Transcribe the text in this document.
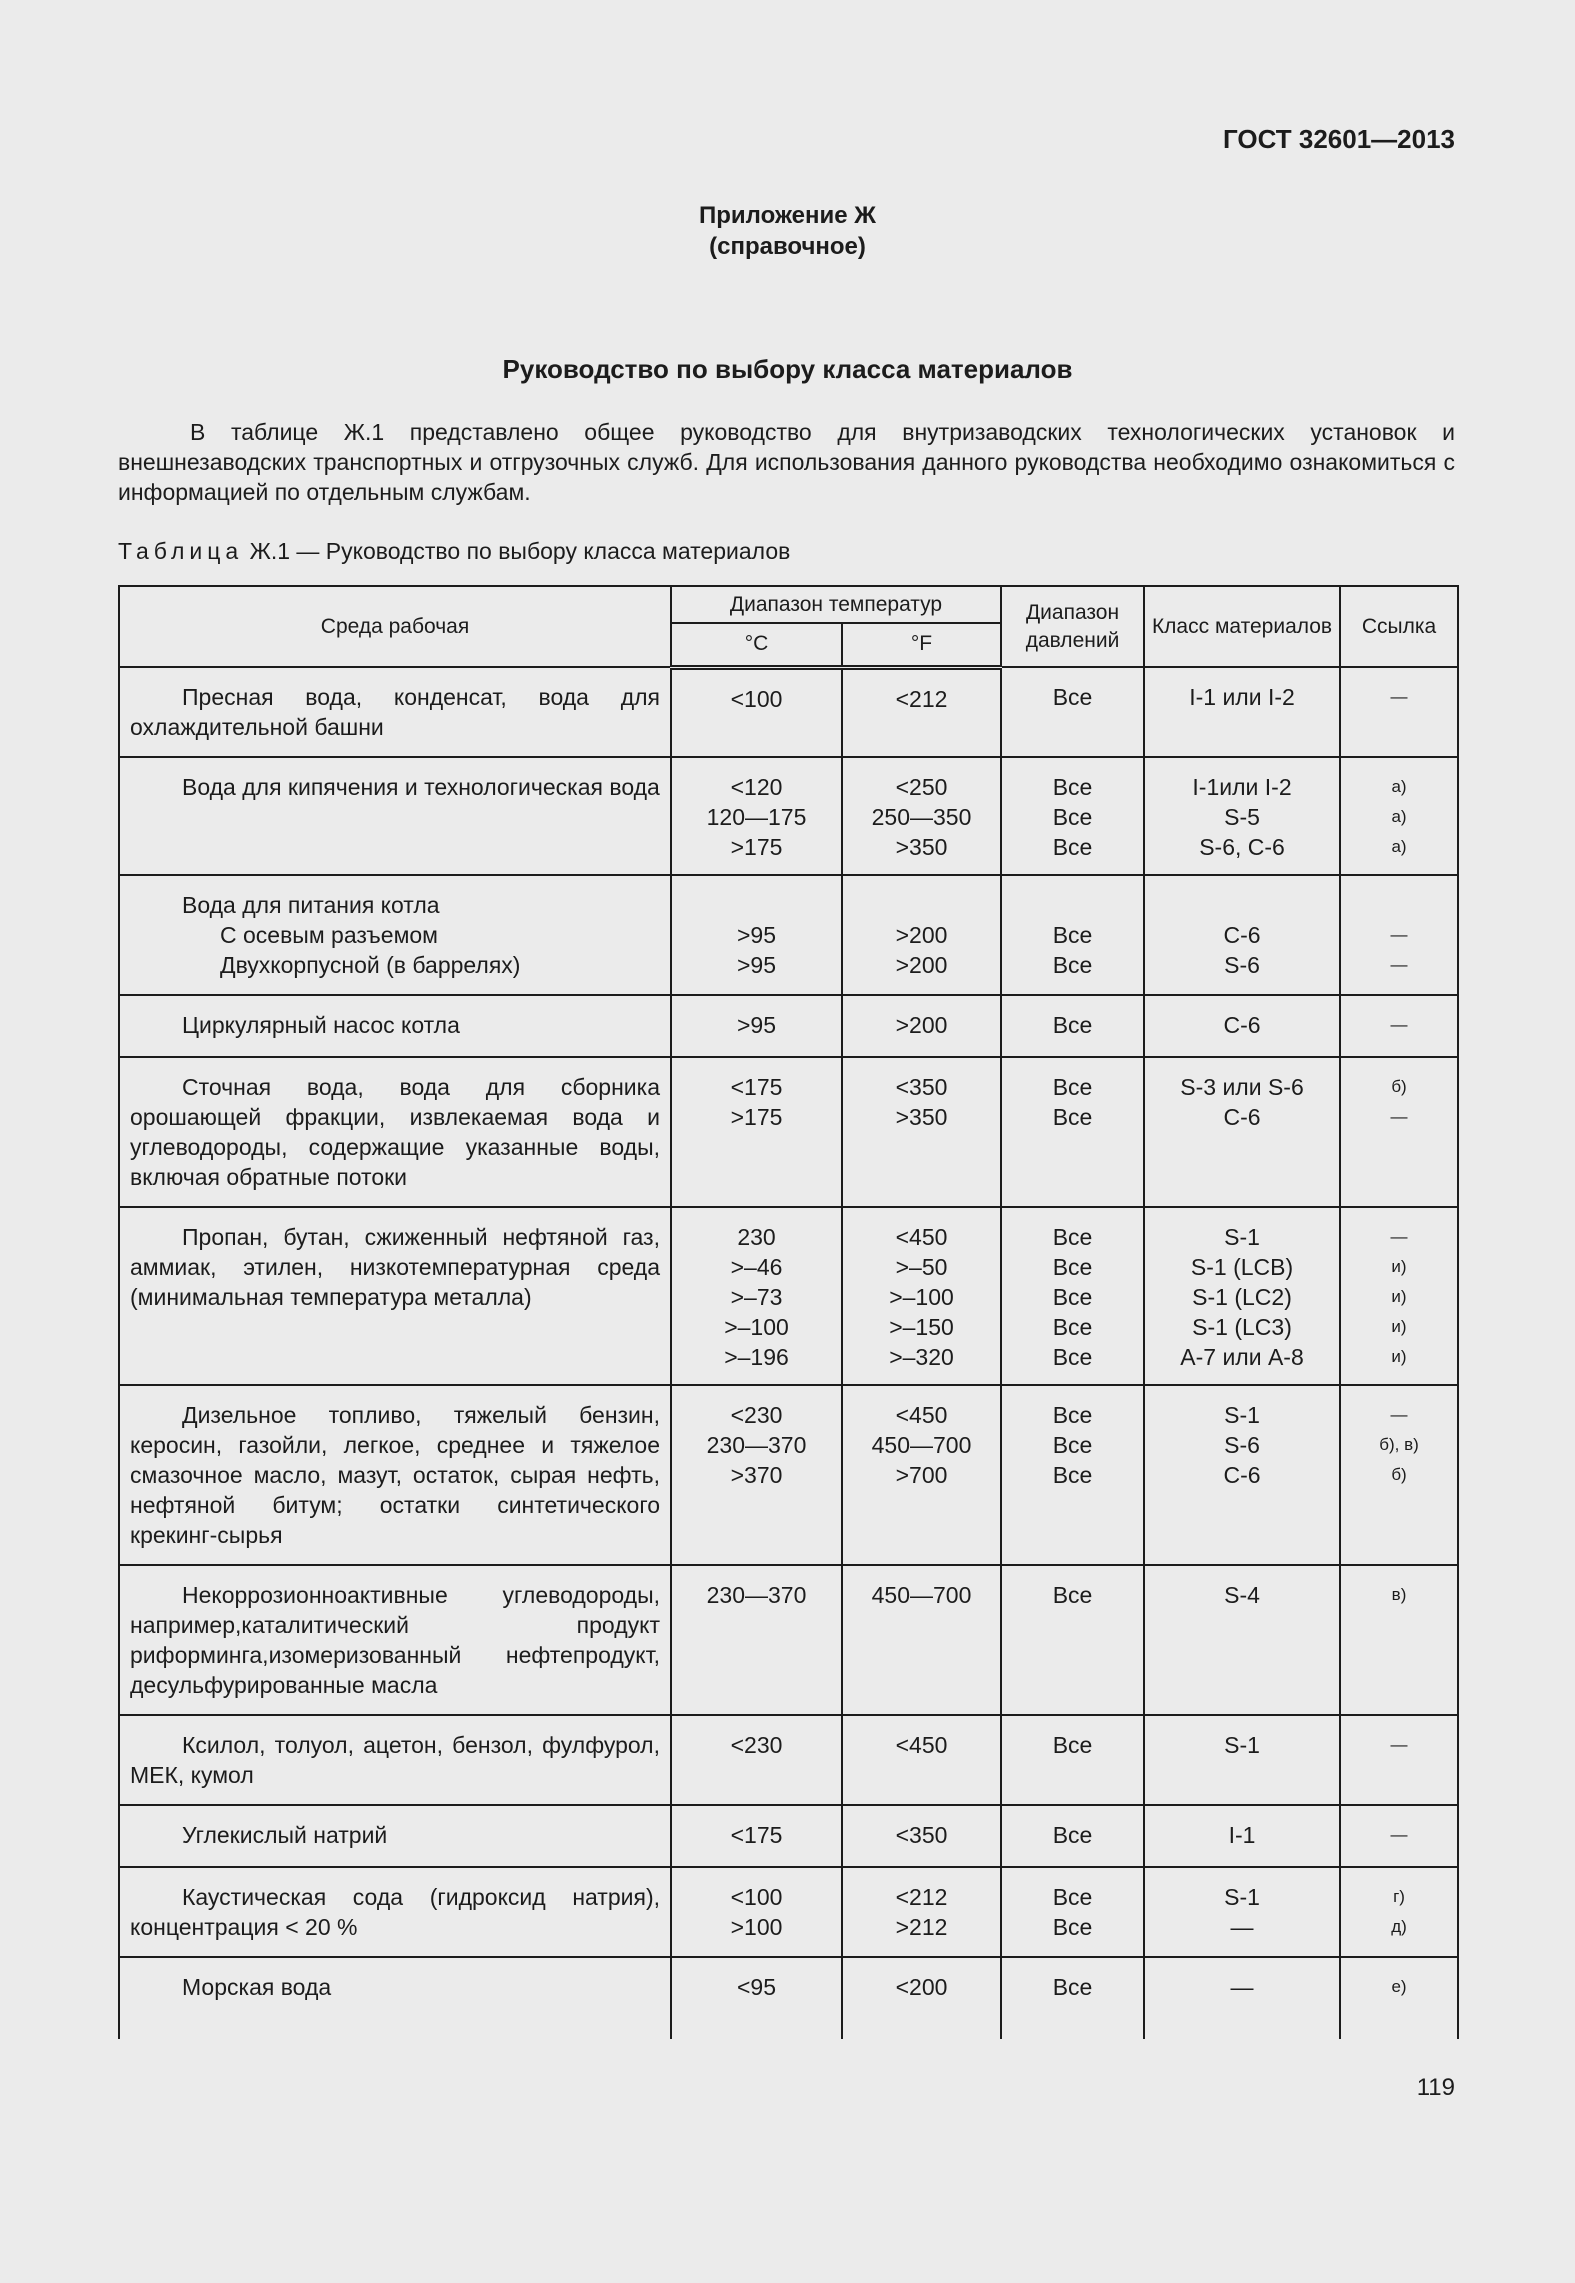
ГОСТ 32601—2013
Приложение Ж
(справочное)
Руководство по выбору класса материалов

В таблице Ж.1 представлено общее руководство для внутризаводских технологических установок и внешнезаводских транспортных и отгрузочных служб. Для использования данного руководства необходимо ознакомиться с информацией по отдельным службам.

Таблица Ж.1 — Руководство по выбору класса материалов
Среда рабочая	Диапазон температур		Диапазон давлений	Класс материалов	Ссылка
	°C	°F			

Пресная вода, конденсат, вода для охлаждительной башни	<100	<212	Все	I-1 или I-2	—

Вода для кипячения и технологическая вода	<120
120—175
>175	<250
250—350
>350	Все
Все
Все	I-1или I-2
S-5
S-6, C-6	а)
а)
а)

Вода для питания котла
С осевым разъемом
Двухкорпусной (в баррелях)	>95
>95	>200
>200	Все
Все	C-6
S-6	—
—

Циркулярный насос котла	>95	>200	Все	C-6	—

Сточная вода, вода для сборника орошающей фракции, извлекаемая вода и углеводороды, содержащие указанные воды, включая обратные потоки	<175
>175	<350
>350	Все
Все	S-3 или S-6
C-6	б)
—

Пропан, бутан, сжиженный нефтяной газ, аммиак, этилен, низкотемпературная среда (минимальная температура металла)	230
>–46
>–73
>–100
>–196	<450
>–50
>–100
>–150
>–320	Все
Все
Все
Все
Все	S-1
S-1 (LCB)
S-1 (LC2)
S-1 (LC3)
A-7 или A-8	—
и)
и)
и)
и)

Дизельное топливо, тяжелый бензин, керосин, газойли, легкое, среднее и тяжелое смазочное масло, мазут, остаток, сырая нефть, нефтяной битум; остатки синтетического крекинг-сырья	<230
230—370
>370	<450
450—700
>700	Все
Все
Все	S-1
S-6
C-6	—
б), в)
б)

Некоррозионноактивные углеводороды, например,каталитический продукт риформинга,изомеризованный нефтепродукт, десульфурированные масла	230—370	450—700	Все	S-4	в)

Ксилол, толуол, ацетон, бензол, фулфурол, МЕК, кумол	<230	<450	Все	S-1	—

Углекислый натрий	<175	<350	Все	I-1	—

Каустическая сода (гидроксид натрия), концентрация < 20 %	<100
>100	<212
>212	Все
Все	S-1
—	г)
д)

Морская вода	<95	<200	Все	—	е)
119
